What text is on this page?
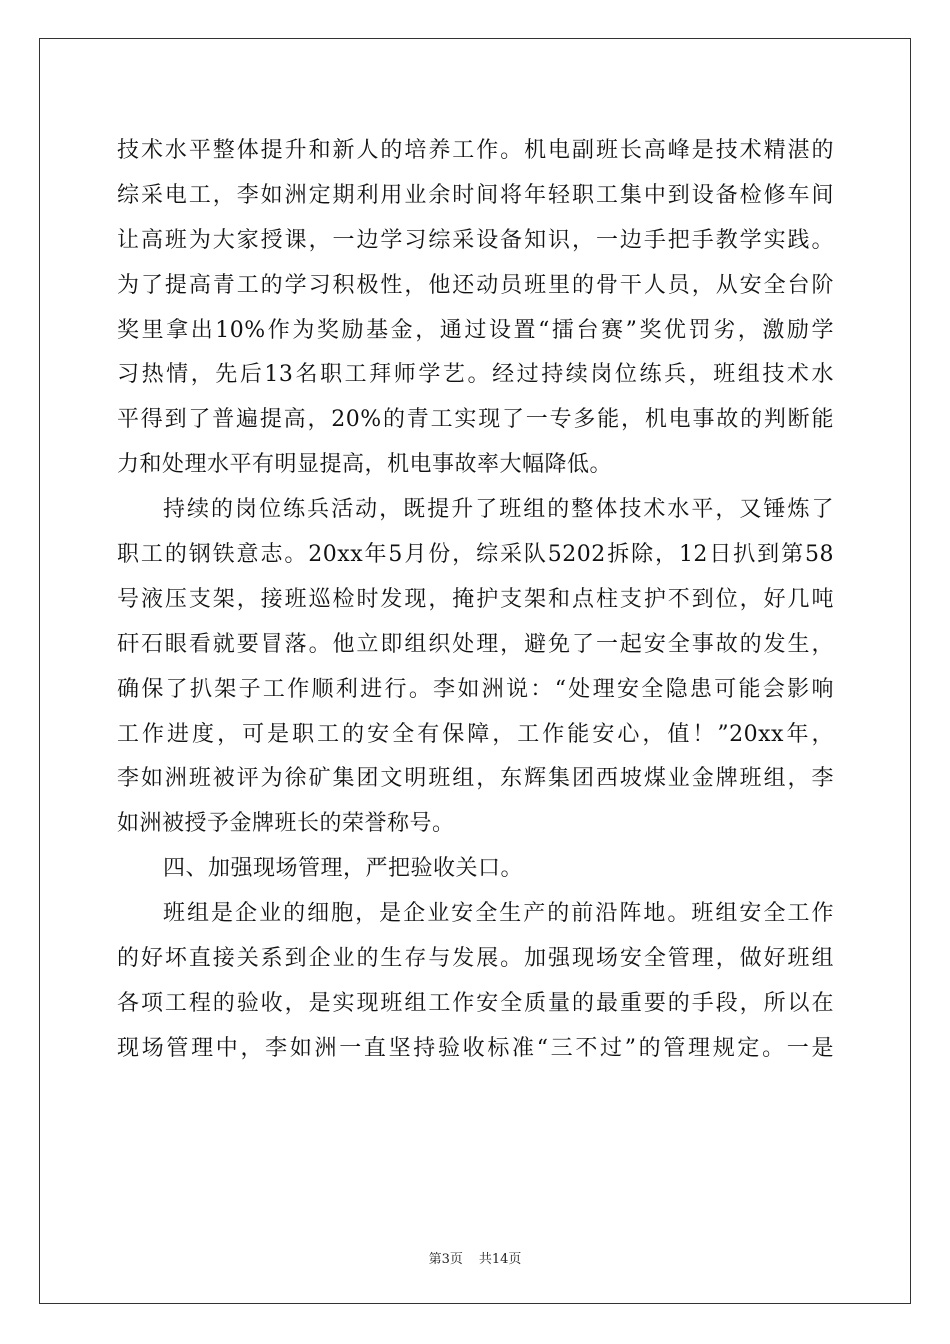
技术水平整体提升和新人的培养工作。机电副班长高峰是技术精湛的
综采电工，李如洲定期利用业余时间将年轻职工集中到设备检修车间
让高班为大家授课，一边学习综采设备知识，一边手把手教学实践。
为了提高青工的学习积极性，他还动员班里的骨干人员，从安全台阶
奖里拿出10%作为奖励基金，通过设置“擂台赛”奖优罚劣，激励学
习热情，先后13名职工拜师学艺。经过持续岗位练兵，班组技术水
平得到了普遍提高，20%的青工实现了一专多能，机电事故的判断能
力和处理水平有明显提高，机电事故率大幅降低。
持续的岗位练兵活动，既提升了班组的整体技术水平，又锤炼了
职工的钢铁意志。20xx年5月份，综采队5202拆除，12日扒到第58
号液压支架，接班巡检时发现，掩护支架和点柱支护不到位，好几吨
矸石眼看就要冒落。他立即组织处理，避免了一起安全事故的发生，
确保了扒架子工作顺利进行。李如洲说：“处理安全隐患可能会影响
工作进度，可是职工的安全有保障，工作能安心，值！”20xx年，
李如洲班被评为徐矿集团文明班组，东辉集团西坡煤业金牌班组，李
如洲被授予金牌班长的荣誉称号。
四、加强现场管理，严把验收关口。
班组是企业的细胞，是企业安全生产的前沿阵地。班组安全工作
的好坏直接关系到企业的生存与发展。加强现场安全管理，做好班组
各项工程的验收，是实现班组工作安全质量的最重要的手段，所以在
现场管理中，李如洲一直坚持验收标准“三不过”的管理规定。一是
第3页 共14页
